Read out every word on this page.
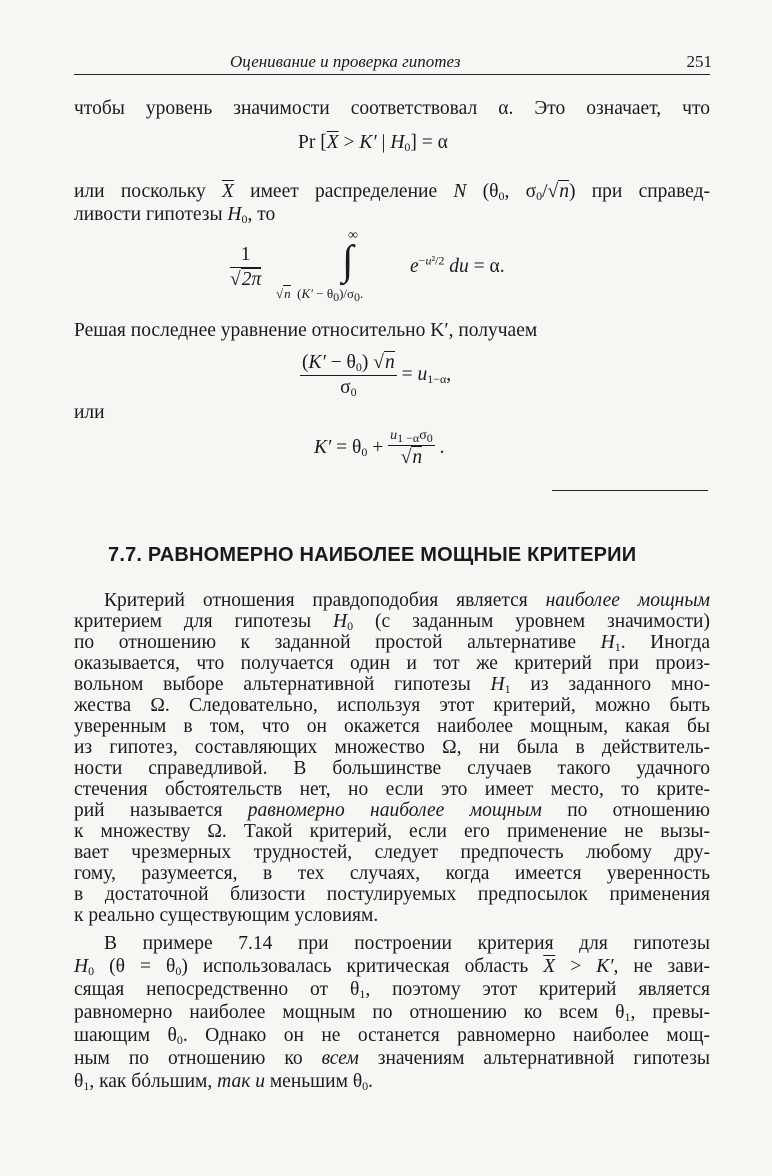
Оценивание и проверка гипотез	251
чтобы уровень значимости соответствовал α. Это означает, что
Pr [$\overline{X} > K'$ | $H_0] = \alpha$
или поскольку $\overline{X}$ имеет распределение N ($\theta_0$, $\sigma_0/√n$) при справед-
ливости гипотезы $H_0$, то
$\frac{1}{√2\pi}$
∞
∫
√n  $(K' - \theta_0)/\sigma_0$.
$e^{-u^2/2}$ du = α.
Решая последнее уравнение относительно K′, получаем
$\frac{(K' - \theta_0) √n}{\sigma_0} = u_{1-\alpha}$,
или
$K' = \theta_0 + \frac{u_{1 -\alpha}\sigma_0}{√n}$ .
7.7. РАВНОМЕРНО НАИБОЛЕЕ МОЩНЫЕ КРИТЕРИИ
Критерий отношения правдоподобия является наиболее мощным
критерием для гипотезы $H_0$ (с заданным уровнем значимости)
по отношению к заданной простой альтернативе $H_1$. Иногда
оказывается, что получается один и тот же критерий при произ-
вольном выборе альтернативной гипотезы $H_1$ из заданного мно-
жества Ω. Следовательно, используя этот критерий, можно быть
уверенным в том, что он окажется наиболее мощным, какая бы
из гипотез, составляющих множество Ω, ни была в действитель-
ности справедливой. В большинстве случаев такого удачного
стечения обстоятельств нет, но если это имеет место, то крите-
рий называется равномерно наиболее мощным по отношению
к множеству Ω. Такой критерий, если его применение не вызы-
вает чрезмерных трудностей, следует предпочесть любому дру-
гому, разумеется, в тех случаях, когда имеется уверенность
в достаточной близости постулируемых предпосылок применения
к реально существующим условиям.
В примере 7.14 при построении критерия для гипотезы
$H_0$ $(\theta = \theta_0)$ использовалась критическая область $\overline{X} > K'$, не зави-
сящая непосредственно от $\theta_1$, поэтому этот критерий является
равномерно наиболее мощным по отношению ко всем $\theta_1$, превы-
шающим $\theta_0$. Однако он не останется равномерно наиболее мощ-
ным по отношению ко всем значениям альтернативной гипотезы
$\theta_1$, как бóльшим, так и меньшим $\theta_0$.
